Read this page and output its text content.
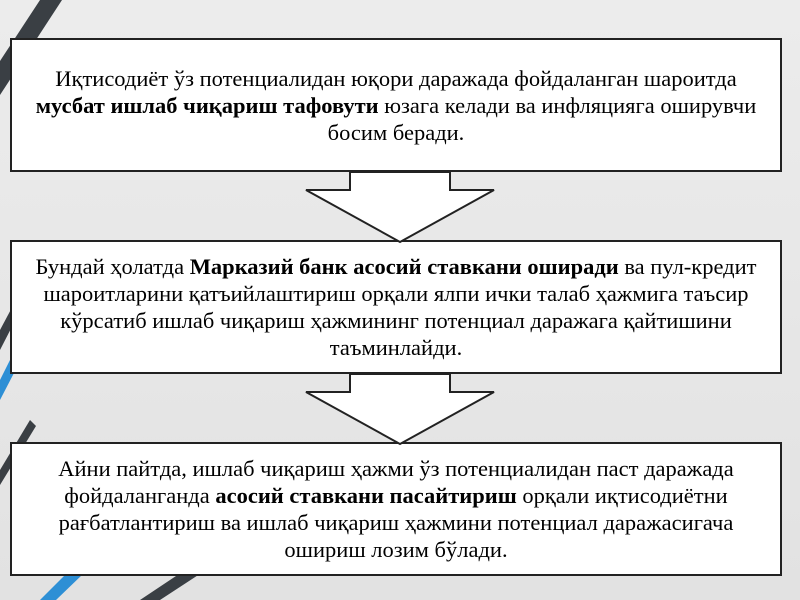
Иқтисодиёт ўз потенциалидан юқори даражада фойдаланган шароитда мусбат ишлаб чиқариш тафовути юзага келади ва инфляцияга оширувчи босим беради.
Бундай ҳолатда Марказий банк асосий ставкани оширади ва пул-кредит шароитларини қатъийлаштириш орқали ялпи ички талаб ҳажмига таъсир кўрсатиб ишлаб чиқариш ҳажмининг потенциал даражага қайтишини таъминлайди.
Айни пайтда, ишлаб чиқариш ҳажми ўз потенциалидан паст даражада фойдаланганда асосий ставкани пасайтириш орқали иқтисодиётни рағбатлантириш ва ишлаб чиқариш ҳажмини потенциал даражасигача ошириш лозим бўлади.
